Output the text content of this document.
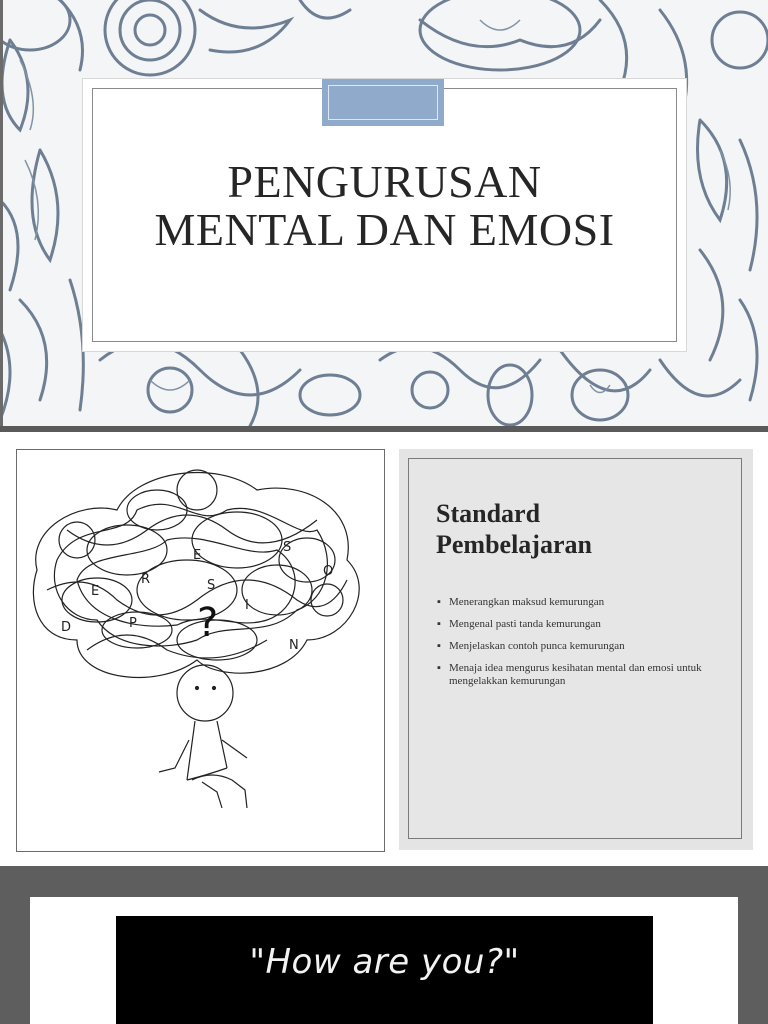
PENGURUSAN
MENTAL DAN EMOSI
D
E
P
R
E
S
S
I
O
N
?
Standard
Pembelajaran
▪ Menerangkan maksud kemurungan
▪ Mengenal pasti tanda kemurungan
▪ Menjelaskan contoh punca kemurungan
▪ Menaja idea mengurus kesihatan mental dan emosi untuk mengelakkan kemurungan
"How are you?"
